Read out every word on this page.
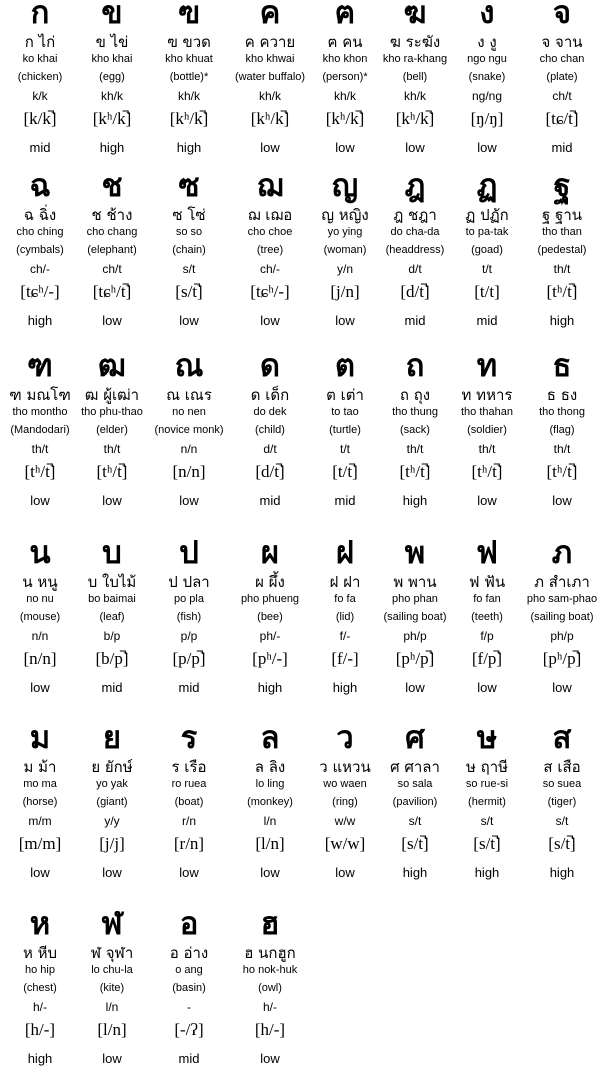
ก
ก ไก่
ko khai
(chicken)
k/k
[k/k̚]
mid
ข
ข ไข่
kho khai
(egg)
kh/k
[kʰ/k̚]
high
ฃ
ฃ ขวด
kho khuat
(bottle)*
kh/k
[kʰ/k̚]
high
ค
ค ควาย
kho khwai
(water buffalo)
kh/k
[kʰ/k̚]
low
ฅ
ฅ คน
kho khon
(person)*
kh/k
[kʰ/k̚]
low
ฆ
ฆ ระฆัง
kho ra-khang
(bell)
kh/k
[kʰ/k̚]
low
ง
ง งู
ngo ngu
(snake)
ng/ng
[ŋ/ŋ]
low
จ
จ จาน
cho chan
(plate)
ch/t
[tɕ/t̚]
mid
ฉ
ฉ ฉิ่ง
cho ching
(cymbals)
ch/-
[tɕʰ/-]
high
ช
ช ช้าง
cho chang
(elephant)
ch/t
[tɕʰ/t̚]
low
ซ
ซ โซ่
so so
(chain)
s/t
[s/t̚]
low
ฌ
ฌ เฌอ
cho choe
(tree)
ch/-
[tɕʰ/-]
low
ญ
ญ หญิง
yo ying
(woman)
y/n
[j/n]
low
ฎ
ฎ ชฎา
do cha-da
(headdress)
d/t
[d/t̚]
mid
ฏ
ฏ ปฏัก
to pa-tak
(goad)
t/t
[t/t]
mid
ฐ
ฐ ฐาน
tho than
(pedestal)
th/t
[tʰ/t̚]
high
ฑ
ฑ มณโฑ
tho montho
(Mandodari)
th/t
[tʰ/t̚]
low
ฒ
ฒ ผู้เฒ่า
tho phu-thao
(elder)
th/t
[tʰ/t̚]
low
ณ
ณ เณร
no nen
(novice monk)
n/n
[n/n]
low
ด
ด เด็ก
do dek
(child)
d/t
[d/t̚]
mid
ต
ต เต่า
to tao
(turtle)
t/t
[t/t̚]
mid
ถ
ถ ถุง
tho thung
(sack)
th/t
[tʰ/t̚]
high
ท
ท ทหาร
tho thahan
(soldier)
th/t
[tʰ/t̚]
low
ธ
ธ ธง
tho thong
(flag)
th/t
[tʰ/t̚]
low
น
น หนู
no nu
(mouse)
n/n
[n/n]
low
บ
บ ใบไม้
bo baimai
(leaf)
b/p
[b/p̚]
mid
ป
ป ปลา
po pla
(fish)
p/p
[p/p̚]
mid
ผ
ผ ผึ้ง
pho phueng
(bee)
ph/-
[pʰ/-]
high
ฝ
ฝ ฝา
fo fa
(lid)
f/-
[f/-]
high
พ
พ พาน
pho phan
(sailing boat)
ph/p
[pʰ/p̚]
low
ฟ
ฟ ฟัน
fo fan
(teeth)
f/p
[f/p̚]
low
ภ
ภ สำเภา
pho sam-phao
(sailing boat)
ph/p
[pʰ/p̚]
low
ม
ม ม้า
mo ma
(horse)
m/m
[m/m]
low
ย
ย ยักษ์
yo yak
(giant)
y/y
[j/j]
low
ร
ร เรือ
ro ruea
(boat)
r/n
[r/n]
low
ล
ล ลิง
lo ling
(monkey)
l/n
[l/n]
low
ว
ว แหวน
wo waen
(ring)
w/w
[w/w]
low
ศ
ศ ศาลา
so sala
(pavilion)
s/t
[s/t̚]
high
ษ
ษ ฤาษี
so rue-si
(hermit)
s/t
[s/t̚]
high
ส
ส เสือ
so suea
(tiger)
s/t
[s/t̚]
high
ห
ห หีบ
ho hip
(chest)
h/-
[h/-]
high
ฬ
ฬ จุฬา
lo chu-la
(kite)
l/n
[l/n]
low
อ
อ อ่าง
o ang
(basin)
-
[-/ʔ]
mid
ฮ
ฮ นกฮูก
ho nok-huk
(owl)
h/-
[h/-]
low
